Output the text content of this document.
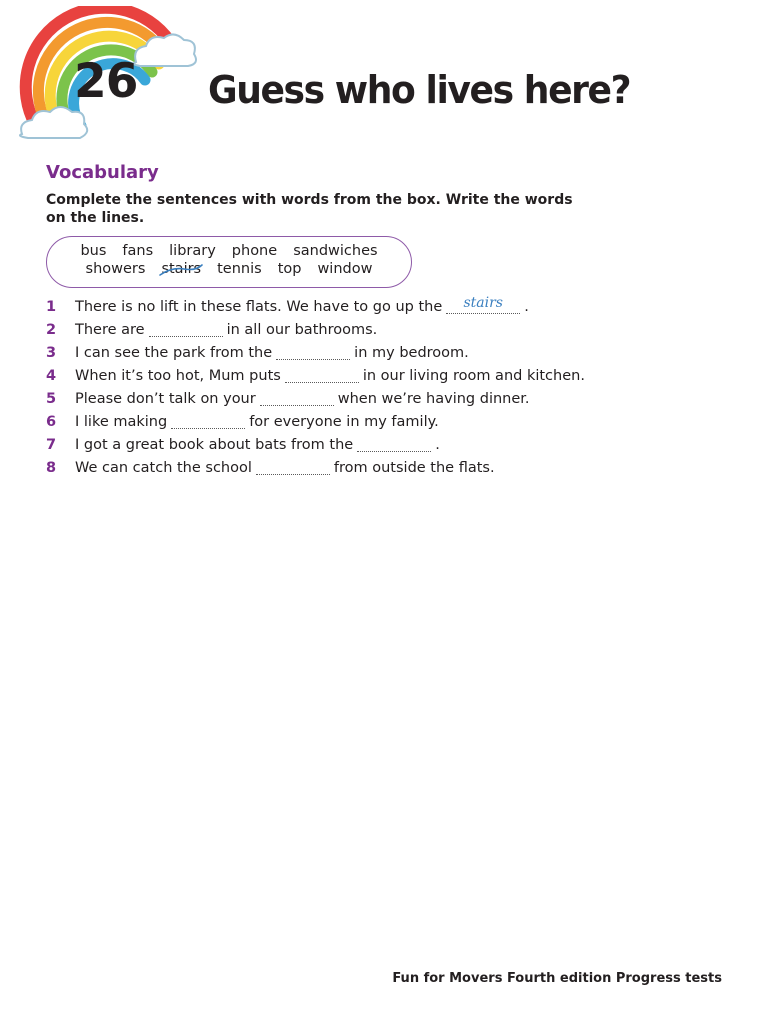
26 Guess who lives here?
Vocabulary
Complete the sentences with words from the box. Write the words on the lines.
bus fans library phone sandwiches
showers stairs tennis top window
1 There is no lift in these flats. We have to go up the	stairs	.
2 There are	in all our bathrooms.
3 I can see the park from the	in my bedroom.
4 When it’s too hot, Mum puts	in our living room and kitchen.
5 Please don’t talk on your	when we’re having dinner.
6 I like making	for everyone in my family.
7 I got a great book about bats from the	.
8 We can catch the school	from outside the flats.
Fun for Movers Fourth edition Progress tests
